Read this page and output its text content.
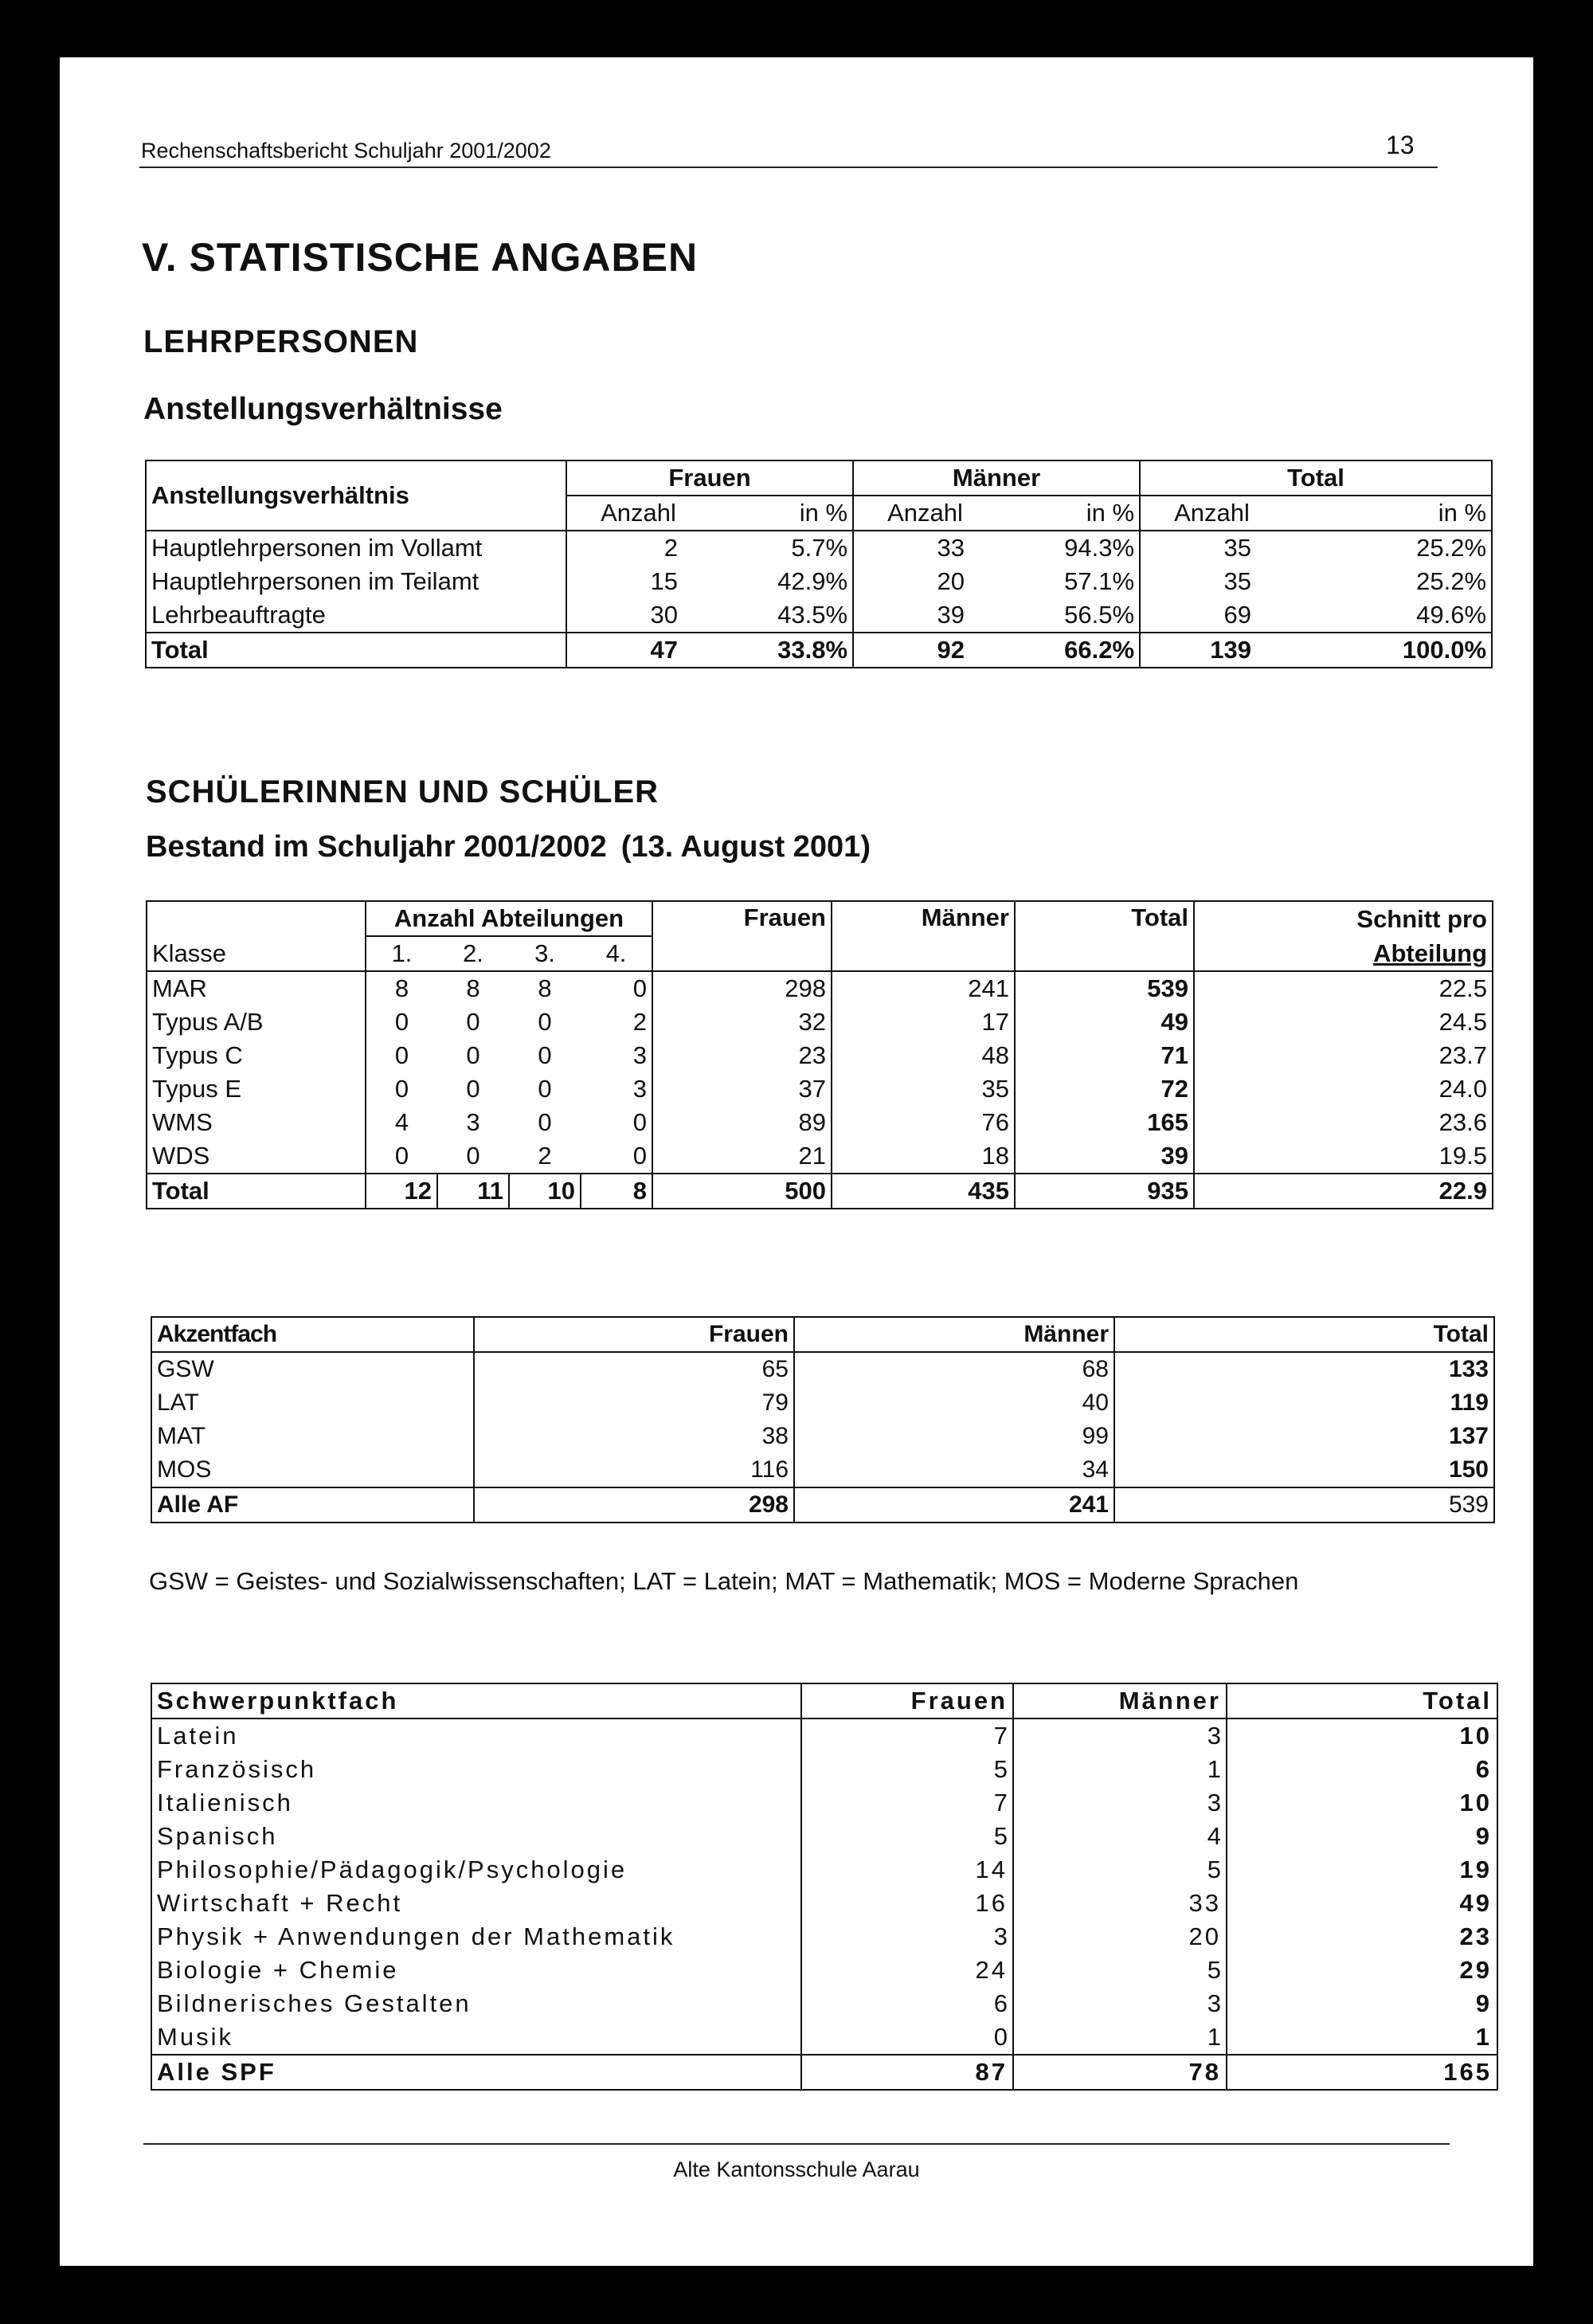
Rechenschaftsbericht Schuljahr 2001/2002	13
V. STATISTISCHE ANGABEN
LEHRPERSONEN
Anstellungsverhältnisse
Anstellungsverhältnis	Frauen		Männer		Total	
	Anzahl	in %	Anzahl	in %	Anzahl	in %
Hauptlehrpersonen im Vollamt	2	5.7%	33	94.3%	35	25.2%
Hauptlehrpersonen im Teilamt	15	42.9%	20	57.1%	35	25.2%
Lehrbeauftragte	30	43.5%	39	56.5%	69	49.6%
Total	47	33.8%	92	66.2%	139	100.0%
SCHÜLERINNEN UND SCHÜLER
Bestand im Schuljahr 2001/2002 (13. August 2001)
	Anzahl Abteilungen				Frauen	Männer	Total	Schnitt pro
Klasse	1.	2.	3.	4.				Abteilung
MAR	8	8	8	0	298	241	539	22.5
Typus A/B	0	0	0	2	32	17	49	24.5
Typus C	0	0	0	3	23	48	71	23.7
Typus E	0	0	0	3	37	35	72	24.0
WMS	4	3	0	0	89	76	165	23.6
WDS	0	0	2	0	21	18	39	19.5
Total	12	11	10	8	500	435	935	22.9
Akzentfach	Frauen	Männer	Total
GSW	65	68	133
LAT	79	40	119
MAT	38	99	137
MOS	116	34	150
Alle AF	298	241	539
GSW = Geistes- und Sozialwissenschaften; LAT = Latein; MAT = Mathematik; MOS = Moderne Sprachen
Schwerpunktfach	Frauen	Männer	Total
Latein	7	3	10
Französisch	5	1	6
Italienisch	7	3	10
Spanisch	5	4	9
Philosophie/Pädagogik/Psychologie	14	5	19
Wirtschaft + Recht	16	33	49
Physik + Anwendungen der Mathematik	3	20	23
Biologie + Chemie	24	5	29
Bildnerisches Gestalten	6	3	9
Musik	0	1	1
Alle SPF	87	78	165
Alte Kantonsschule Aarau
